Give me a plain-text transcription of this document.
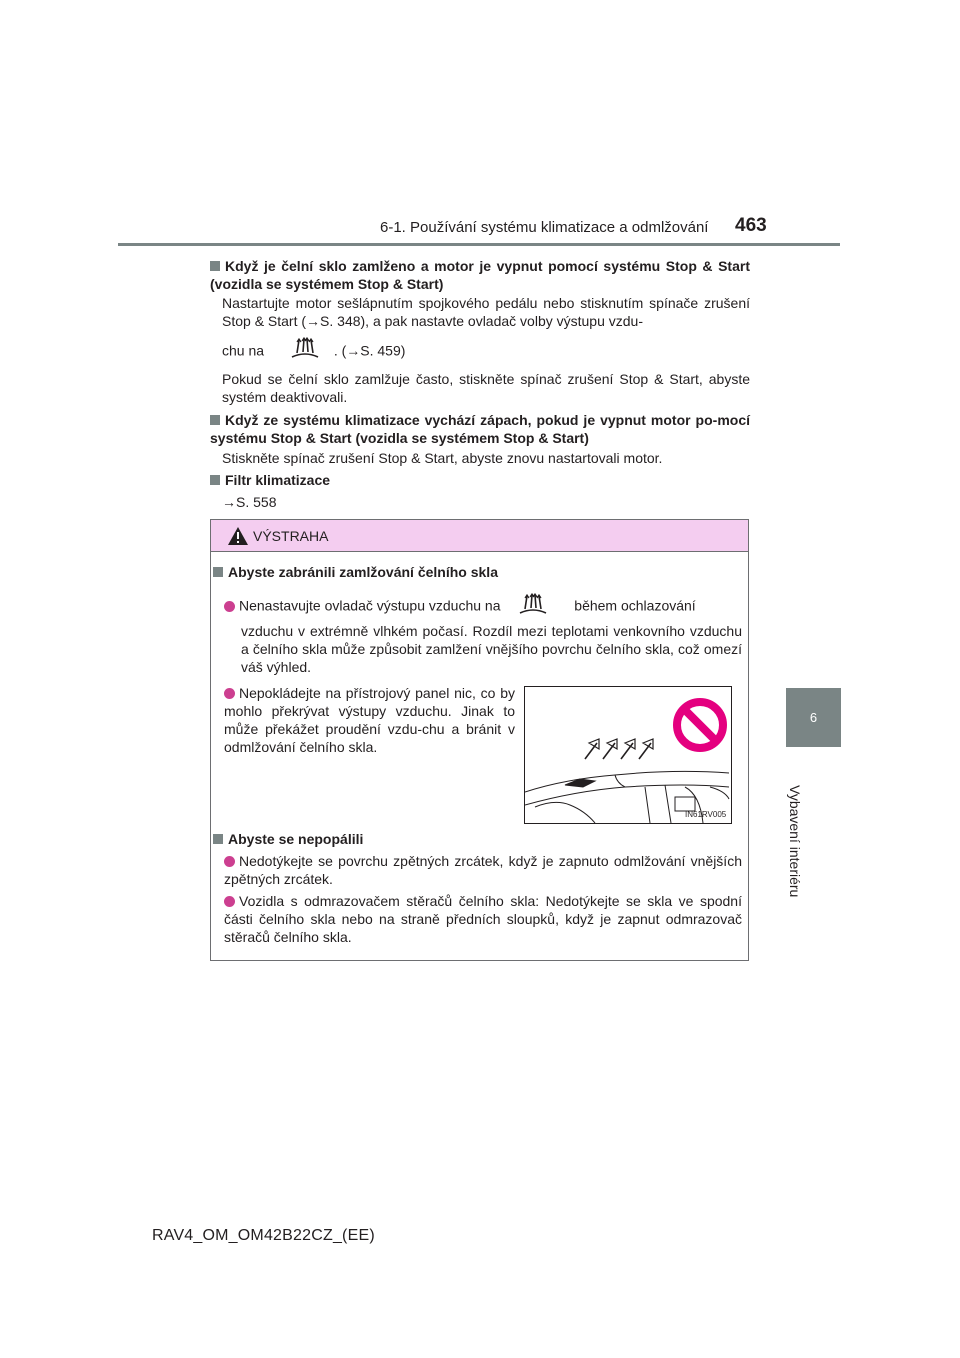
6-1. Používání systému klimatizace a odmlžování 463
6
Vybavení interiéru
Když je čelní sklo zamlženo a motor je vypnut pomocí systému Stop & Start (vozidla se systémem Stop & Start)
Nastartujte motor sešlápnutím spojkového pedálu nebo stisknutím spínače zrušení Stop & Start (→S. 348), a pak nastavte ovladač volby výstupu vzdu-
chu na	. (→S. 459)
Pokud se čelní sklo zamlžuje často, stiskněte spínač zrušení Stop & Start, abyste systém deaktivovali.
Když ze systému klimatizace vychází zápach, pokud je vypnut motor po-mocí systému Stop & Start (vozidla se systémem Stop & Start)
Stiskněte spínač zrušení Stop & Start, abyste znovu nastartovali motor.
Filtr klimatizace
→S. 558
VÝSTRAHA
Abyste zabránili zamlžování čelního skla
Nenastavujte ovladač výstupu vzduchu na	během ochlazování
vzduchu v extrémně vlhkém počasí. Rozdíl mezi teplotami venkovního vzduchu a čelního skla může způsobit zamlžení vnějšího povrchu čelního skla, což omezí váš výhled.
Nepokládejte na přístrojový panel nic, co by mohlo překrývat výstupy vzduchu. Jinak to může překážet proudění vzdu-chu a bránit v odmlžování čelního skla.
IN61RV005
Abyste se nepopálili
Nedotýkejte se povrchu zpětných zrcátek, když je zapnuto odmlžování vnějších zpětných zrcátek.
Vozidla s odmrazovačem stěračů čelního skla: Nedotýkejte se skla ve spodní části čelního skla nebo na straně předních sloupků, když je zapnut odmrazovač stěračů čelního skla.
RAV4_OM_OM42B22CZ_(EE)
